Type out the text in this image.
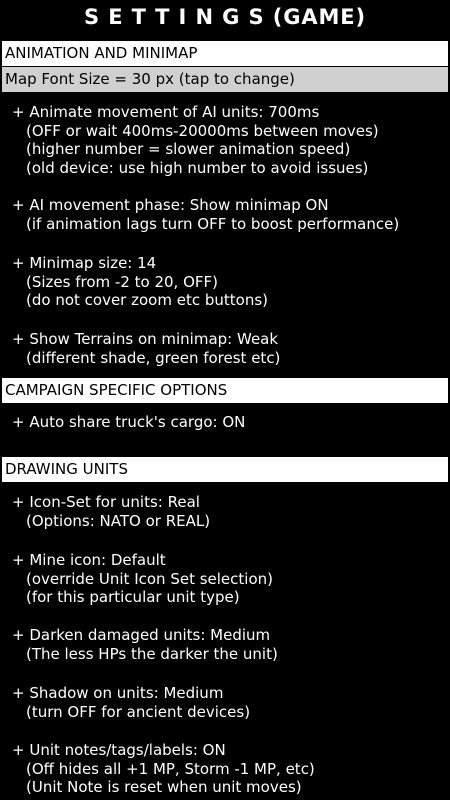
S E T T I N G S (GAME)
ANIMATION AND MINIMAP
Map Font Size = 30 px (tap to change)
+ Animate movement of AI units: 700ms
(OFF or wait 400ms-20000ms between moves)
(higher number = slower animation speed)
(old device: use high number to avoid issues)
+ AI movement phase: Show minimap ON
(if animation lags turn OFF to boost performance)
+ Minimap size: 14
(Sizes from -2 to 20, OFF)
(do not cover zoom etc buttons)
+ Show Terrains on minimap: Weak
(different shade, green forest etc)
CAMPAIGN SPECIFIC OPTIONS
+ Auto share truck's cargo: ON
DRAWING UNITS
+ Icon-Set for units: Real
(Options: NATO or REAL)
+ Mine icon: Default
(override Unit Icon Set selection)
(for this particular unit type)
+ Darken damaged units: Medium
(The less HPs the darker the unit)
+ Shadow on units: Medium
(turn OFF for ancient devices)
+ Unit notes/tags/labels: ON
(Off hides all +1 MP, Storm -1 MP, etc)
(Unit Note is reset when unit moves)
